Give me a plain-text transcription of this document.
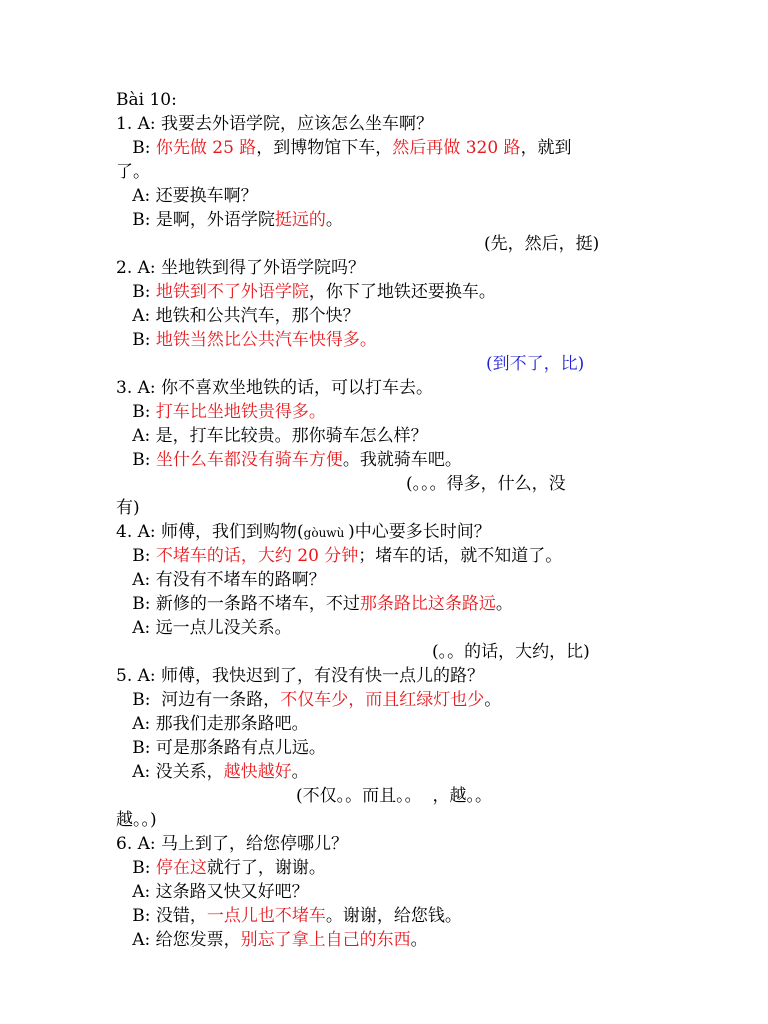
Bài 10:
1. A: 我要去外语学院，应该怎么坐车啊？
B: 你先做 25 路，到博物馆下车，然后再做 320 路，就到
了。
A: 还要换车啊？
B: 是啊，外语学院挺远的。
(先，然后，挺)
2. A: 坐地铁到得了外语学院吗？
B: 地铁到不了外语学院，你下了地铁还要换车。
A: 地铁和公共汽车，那个快？
B: 地铁当然比公共汽车快得多。
(到不了，比)
3. A: 你不喜欢坐地铁的话，可以打车去。
B: 打车比坐地铁贵得多。
A: 是，打车比较贵。那你骑车怎么样？
B: 坐什么车都没有骑车方便。我就骑车吧。
(。。。得多，什么，没
有)
4. A: 师傅，我们到购物(gòuwù )中心要多长时间？
B: 不堵车的话，大约 20 分钟；堵车的话，就不知道了。
A: 有没有不堵车的路啊？
B: 新修的一条路不堵车，不过那条路比这条路远。
A: 远一点儿没关系。
(。。的话，大约，比)
5. A: 师傅，我快迟到了，有没有快一点儿的路？
B:  河边有一条路，不仅车少，而且红绿灯也少。
A: 那我们走那条路吧。
B: 可是那条路有点儿远。
A: 没关系，越快越好。
(不仅。。而且。。  ，越。。
越。。)
6. A: 马上到了，给您停哪儿？
B: 停在这就行了，谢谢。
A: 这条路又快又好吧？
B: 没错，一点儿也不堵车。谢谢，给您钱。
A: 给您发票，别忘了拿上自己的东西。
